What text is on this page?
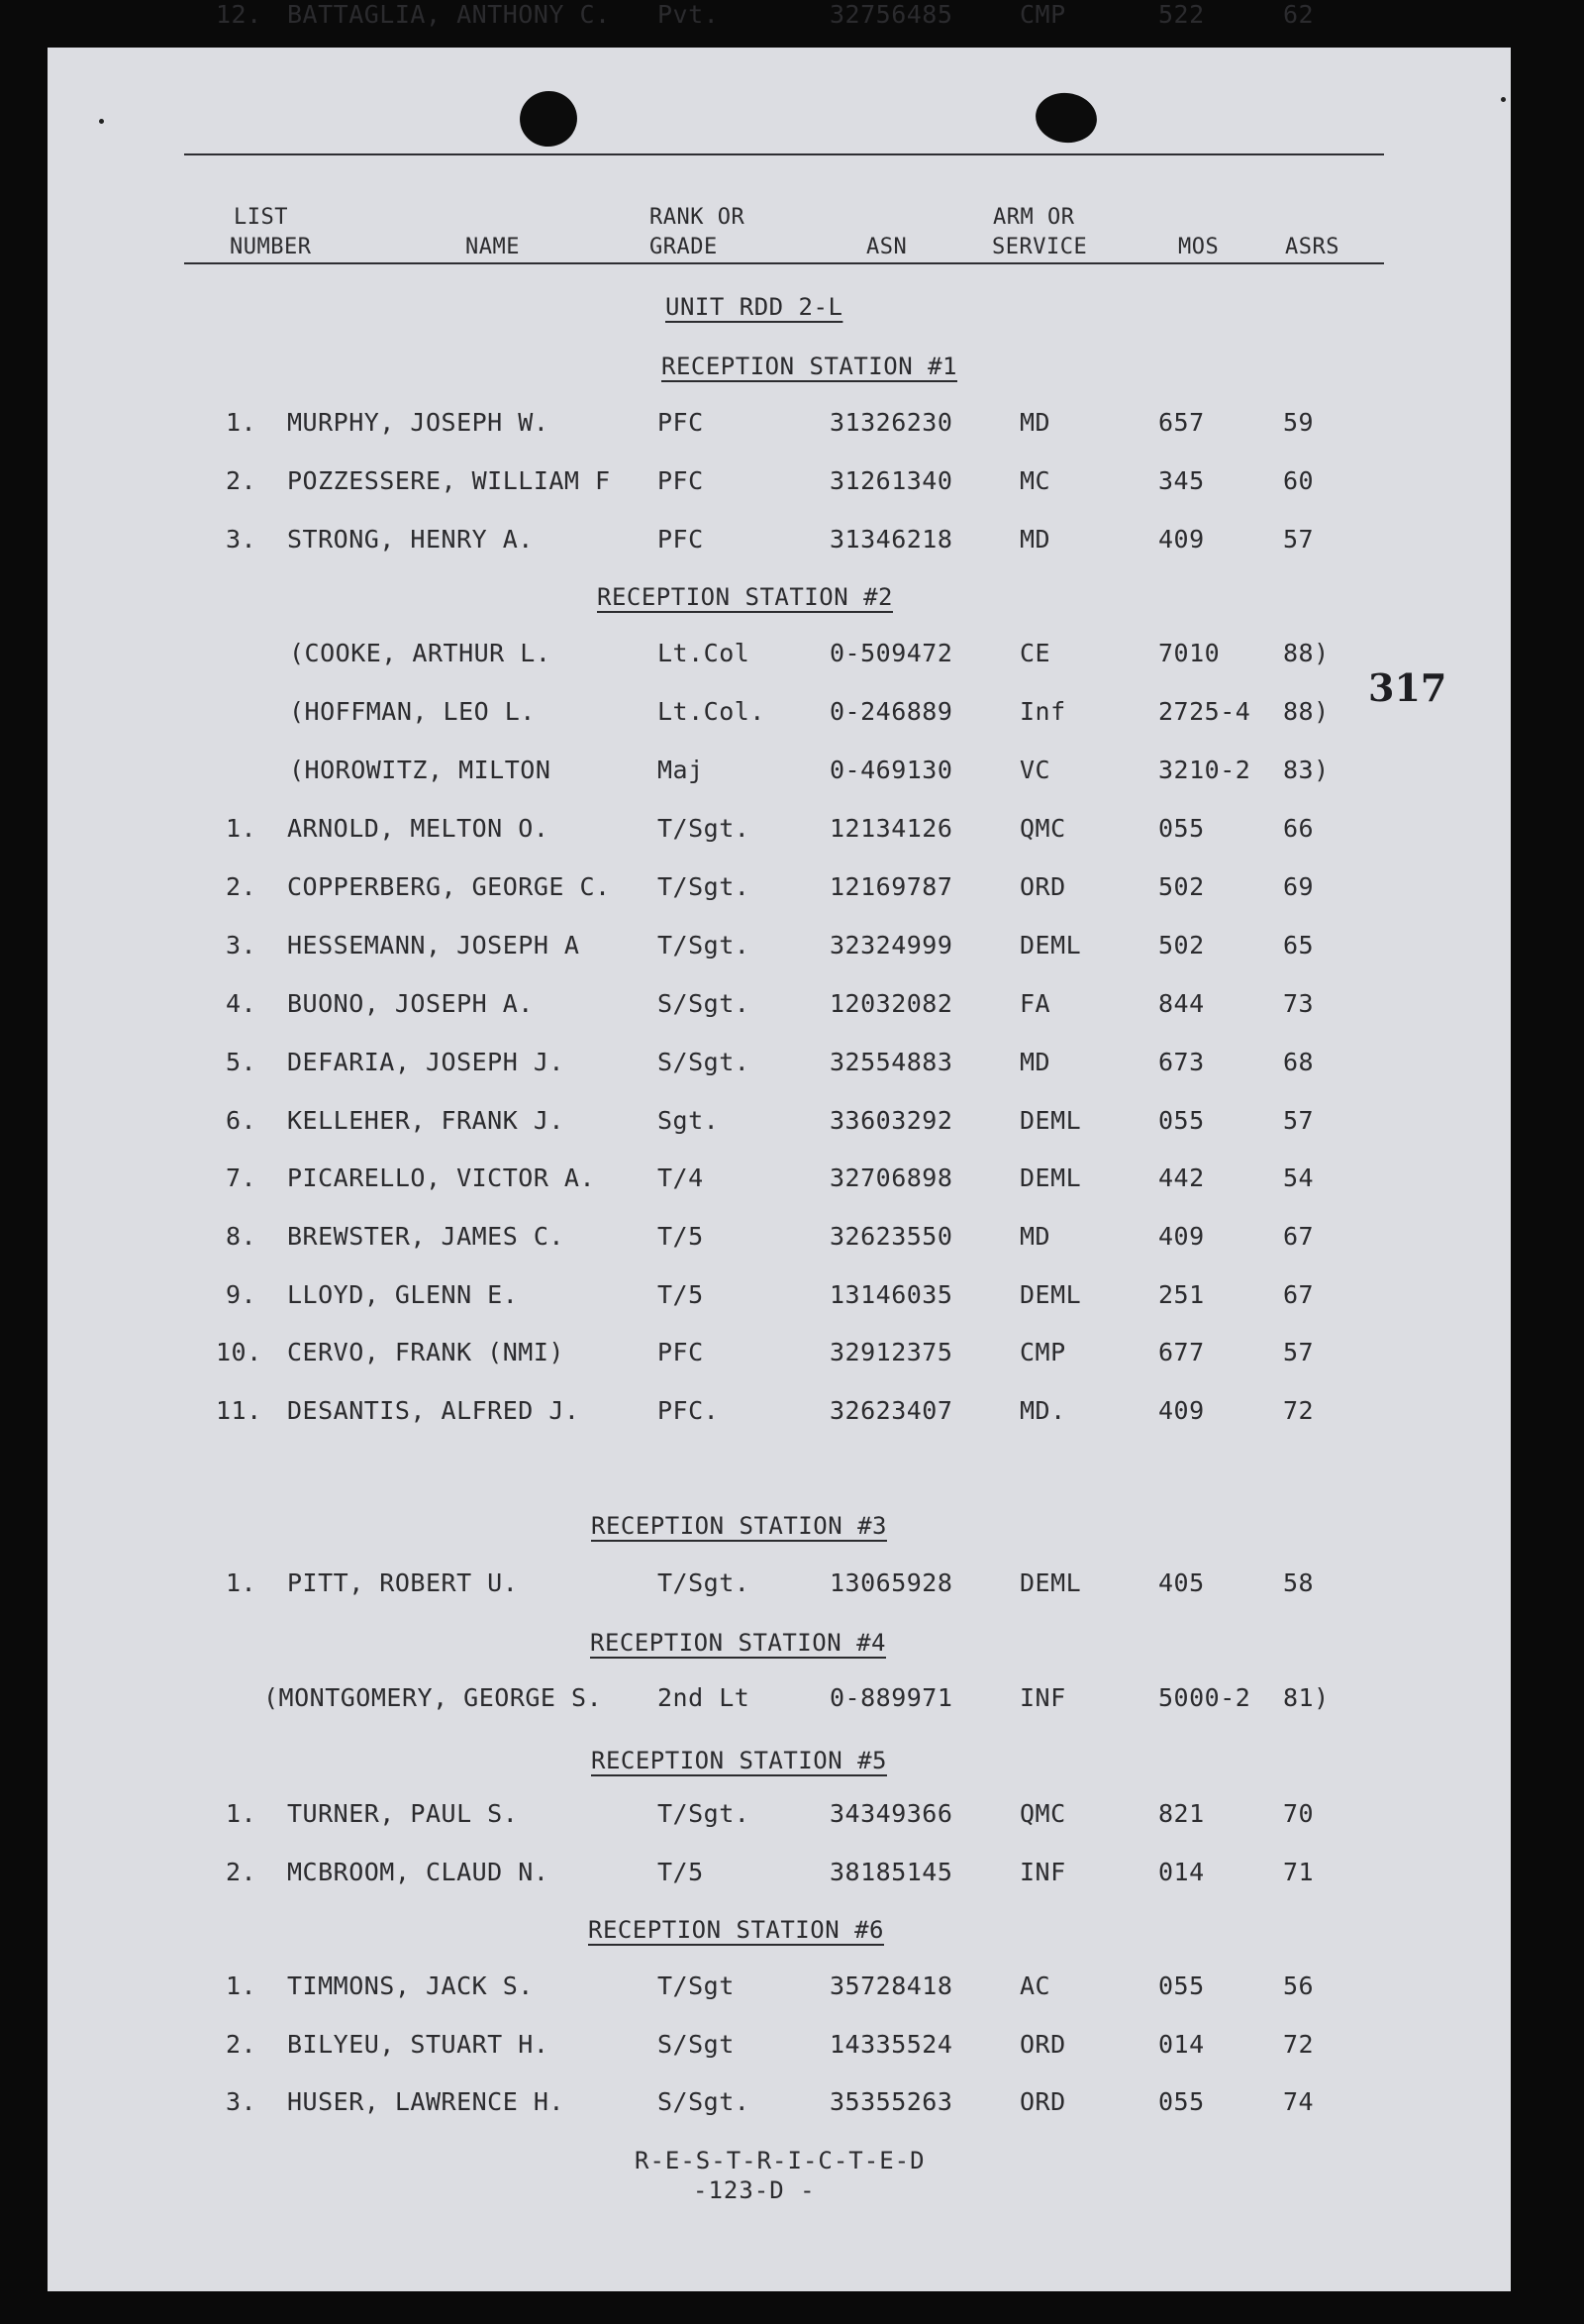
LIST
NUMBER	NAME
RANK OR
GRADE	ASN
ARM OR
SERVICE	MOS	ASRS
UNIT RDD 2-L
317
RECEPTION STATION #1
1. MURPHY, JOSEPH W.	PFC	31326230	MD	657	59
2. POZZESSERE, WILLIAM F PFC	31261340	MC	345	60
3. STRONG, HENRY A.	PFC	31346218	MD	409	57
RECEPTION STATION #2
(COOKE, ARTHUR L.	Lt.Col	0-509472	CE	7010	88)
(HOFFMAN, LEO L.	Lt.Col.	0-246889	Inf	2725-4 88)
(HOROWITZ, MILTON	Maj	0-469130	VC	3210-2 83)
1. ARNOLD, MELTON O.	T/Sgt.	12134126	QMC	055	66
2. COPPERBERG, GEORGE C. T/Sgt.	12169787	ORD	502	69
3. HESSEMANN, JOSEPH A	T/Sgt.	32324999	DEML	502	65
4. BUONO, JOSEPH A.	S/Sgt.	12032082	FA	844	73
5. DEFARIA, JOSEPH J.	S/Sgt.	32554883	MD	673	68
6. KELLEHER, FRANK J.	Sgt.	33603292	DEML	055	57
7. PICARELLO, VICTOR A.	T/4	32706898	DEML	442	54
8. BREWSTER, JAMES C.	T/5	32623550	MD	409	67
9. LLOYD, GLENN E.	T/5	13146035	DEML	251	67
10. CERVO, FRANK (NMI)	PFC	32912375	CMP	677	57
11. DESANTIS, ALFRED J.	PFC.	32623407	MD.	409	72
12. BATTAGLIA, ANTHONY C. Pvt.	32756485	CMP	522	62
RECEPTION STATION #3
1. PITT, ROBERT U.	T/Sgt.	13065928	DEML	405	58
RECEPTION STATION #4
(MONTGOMERY, GEORGE S. 2nd Lt	0-889971	INF	5000-2 81)
RECEPTION STATION #5
1. TURNER, PAUL S.	T/Sgt.	34349366	QMC	821	70
2. MCBROOM, CLAUD N.	T/5	38185145	INF	014	71
RECEPTION STATION #6
1. TIMMONS, JACK S.	T/Sgt	35728418	AC	055	56
2. BILYEU, STUART H.	S/Sgt	14335524	ORD	014	72
3. HUSER, LAWRENCE H.	S/Sgt.	35355263	ORD	055	74
R-E-S-T-R-I-C-T-E-D
-123-D -
